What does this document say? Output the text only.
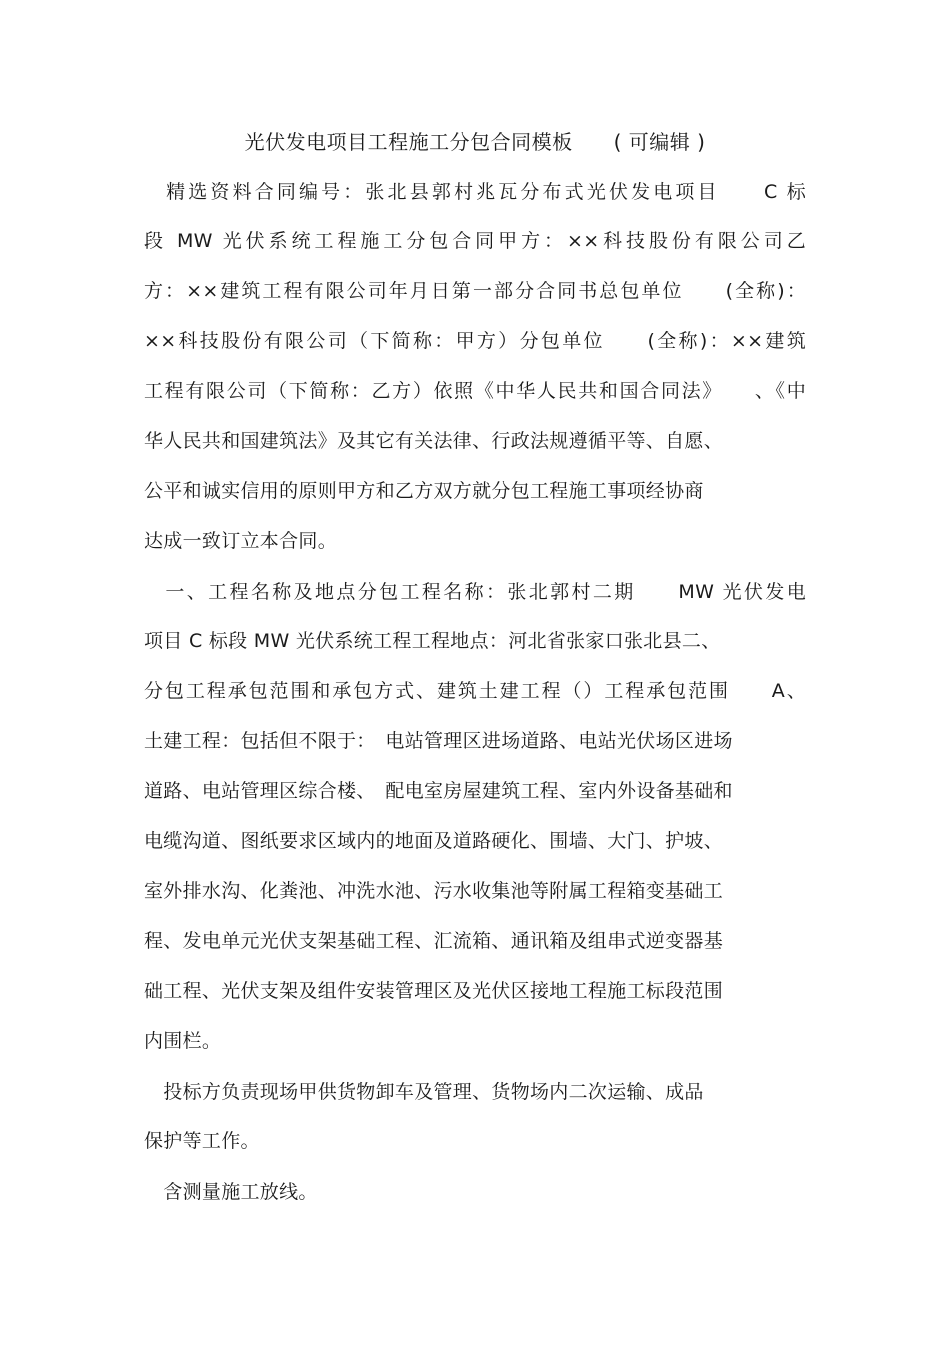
光伏发电项目工程施工分包合同模板　　( 可编辑 )
　精选资料合同编号：张北县郭村兆瓦分布式光伏发电项目　　C 标
段 MW 光伏系统工程施工分包合同甲方：××科技股份有限公司乙
方：××建筑工程有限公司年月日第一部分合同书总包单位　　(全称)：
××科技股份有限公司（下简称：甲方）分包单位　　(全称)：××建筑
工程有限公司（下简称：乙方）依照《中华人民共和国合同法》　　、《中
华人民共和国建筑法》及其它有关法律、行政法规遵循平等、自愿、
公平和诚实信用的原则甲方和乙方双方就分包工程施工事项经协商
达成一致订立本合同。
　一、工程名称及地点分包工程名称：张北郭村二期　　MW 光伏发电
项目 C 标段 MW 光伏系统工程工程地点：河北省张家口张北县二、
分包工程承包范围和承包方式、建筑土建工程（）工程承包范围　　A、
土建工程：包括但不限于：　电站管理区进场道路、电站光伏场区进场
道路、电站管理区综合楼、　配电室房屋建筑工程、室内外设备基础和
电缆沟道、图纸要求区域内的地面及道路硬化、围墙、大门、护坡、
室外排水沟、化粪池、冲洗水池、污水收集池等附属工程箱变基础工
程、发电单元光伏支架基础工程、汇流箱、通讯箱及组串式逆变器基
础工程、光伏支架及组件安装管理区及光伏区接地工程施工标段范围
内围栏。
　投标方负责现场甲供货物卸车及管理、货物场内二次运输、成品
保护等工作。
　含测量施工放线。
